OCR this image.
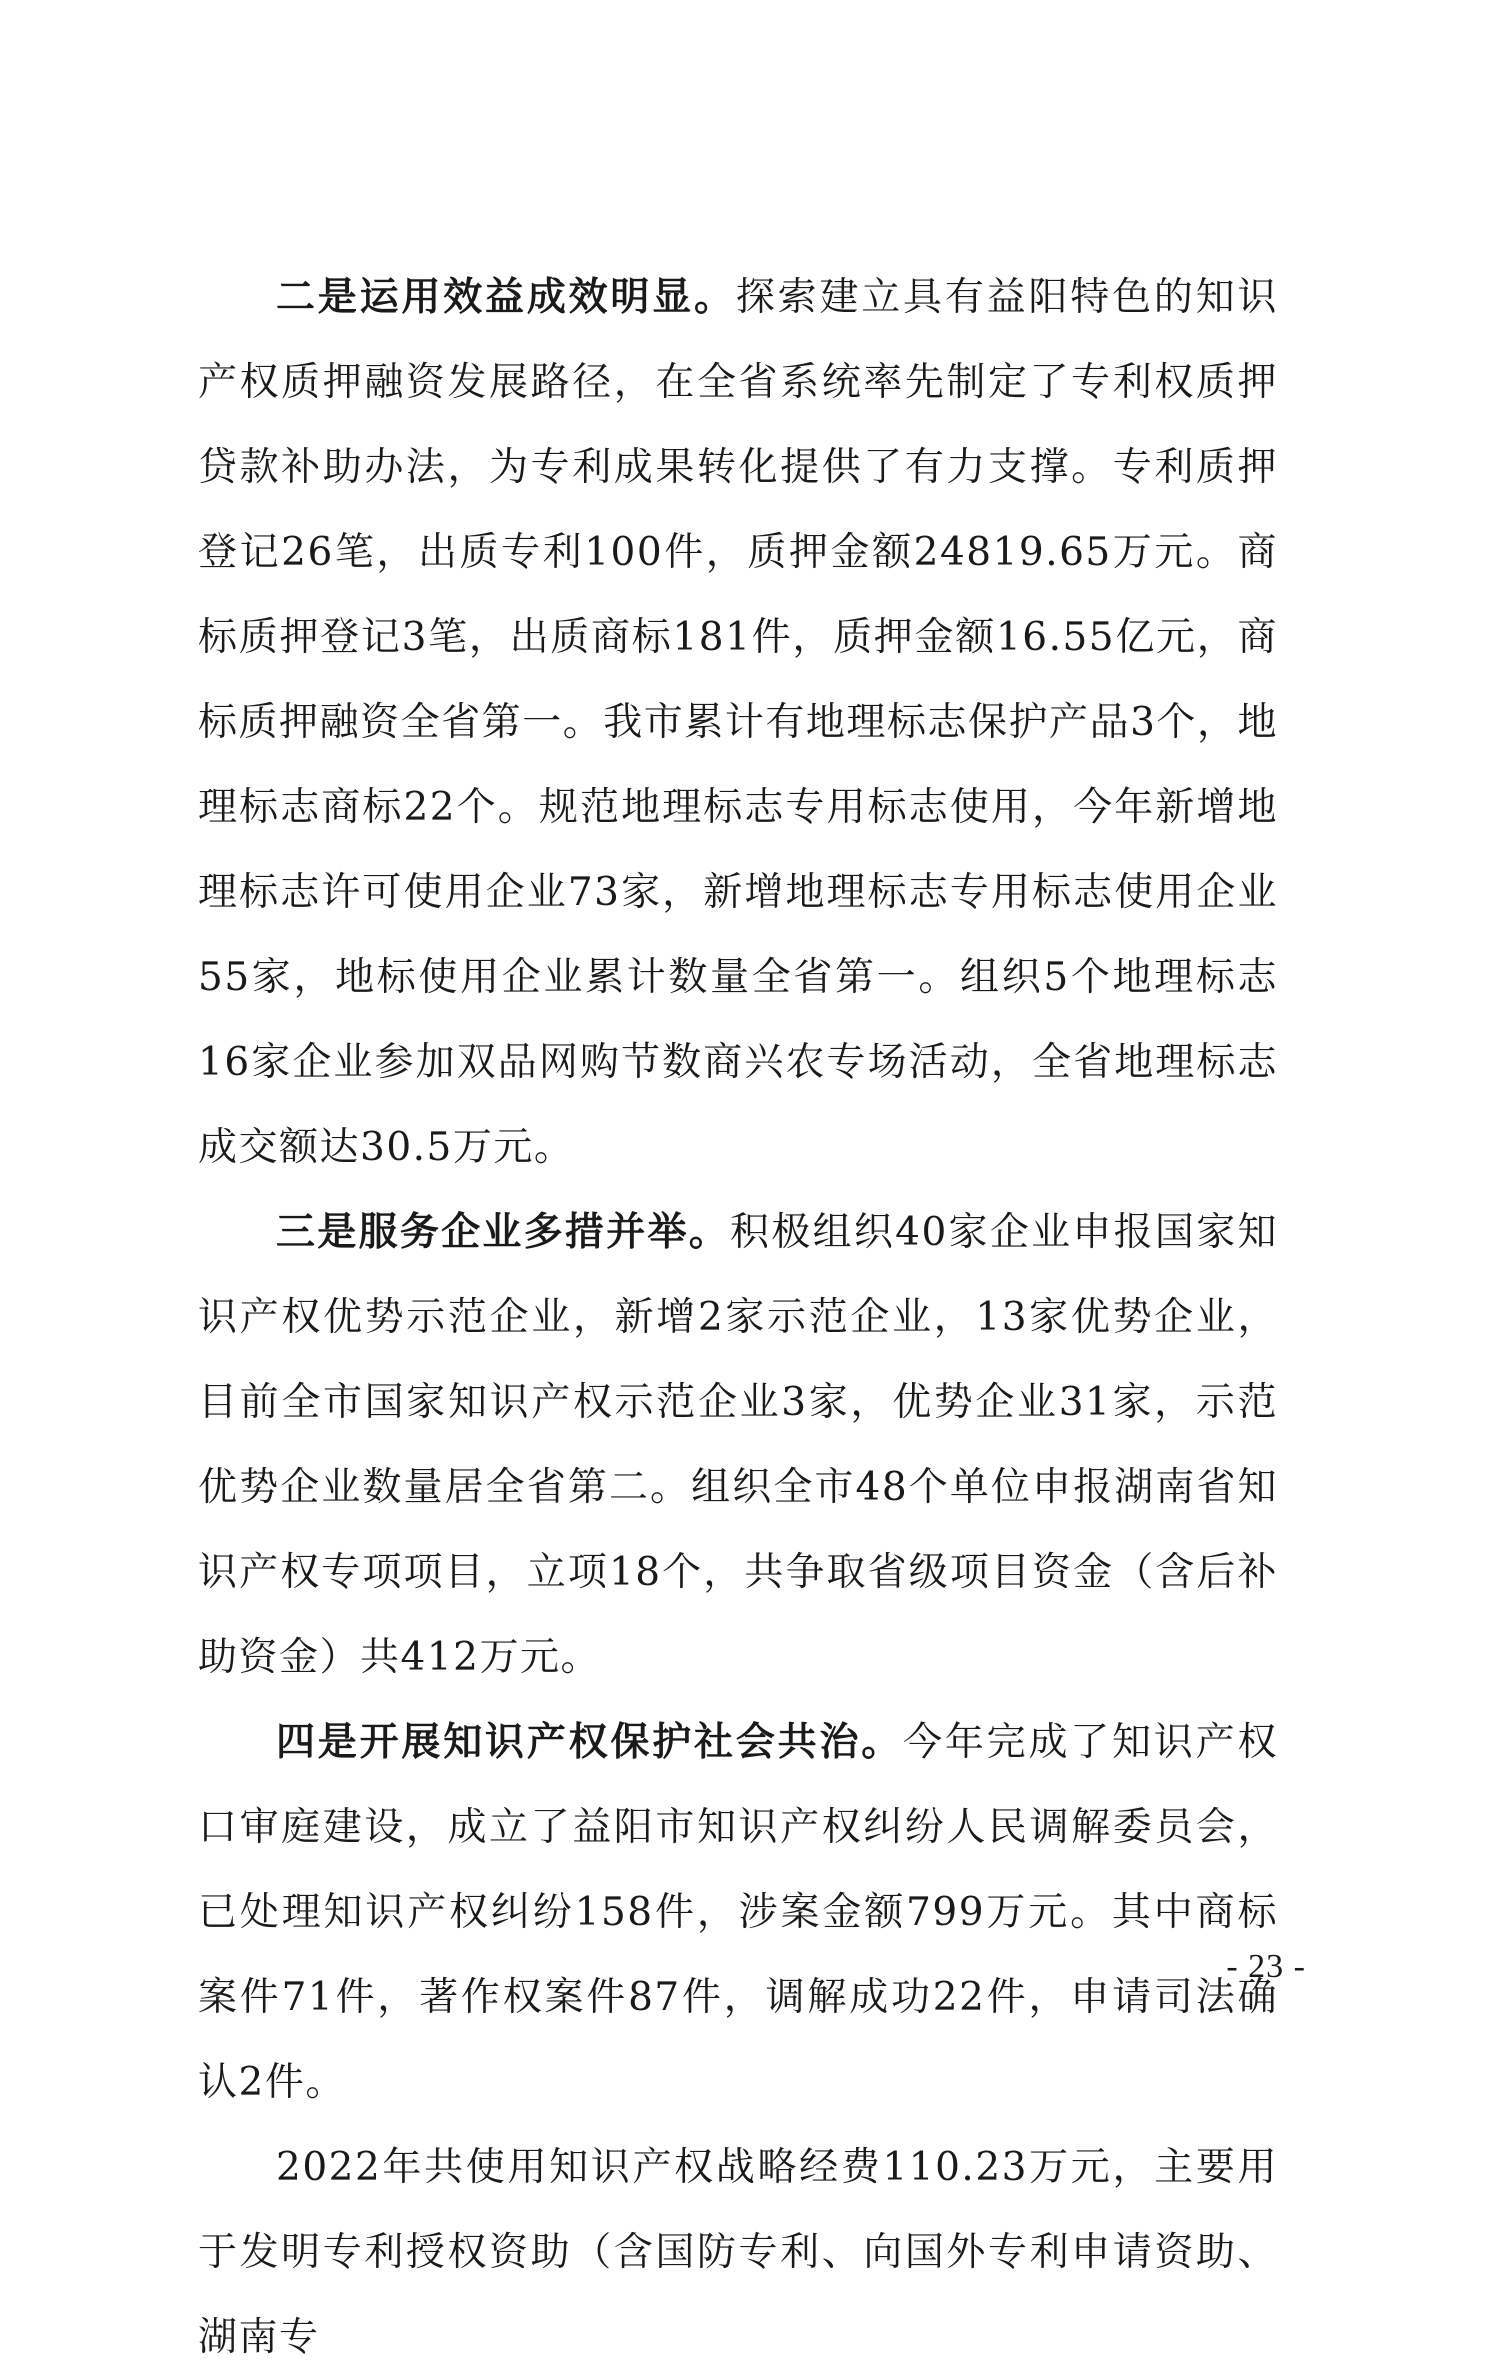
二是运用效益成效明显。探索建立具有益阳特色的知识产权质押融资发展路径，在全省系统率先制定了专利权质押贷款补助办法，为专利成果转化提供了有力支撑。专利质押登记26笔，出质专利100件，质押金额24819.65万元。商标质押登记3笔，出质商标181件，质押金额16.55亿元，商标质押融资全省第一。我市累计有地理标志保护产品3个，地理标志商标22个。规范地理标志专用标志使用，今年新增地理标志许可使用企业73家，新增地理标志专用标志使用企业55家，地标使用企业累计数量全省第一。组织5个地理标志16家企业参加双品网购节数商兴农专场活动，全省地理标志成交额达30.5万元。

三是服务企业多措并举。积极组织40家企业申报国家知识产权优势示范企业，新增2家示范企业，13家优势企业，目前全市国家知识产权示范企业3家，优势企业31家，示范优势企业数量居全省第二。组织全市48个单位申报湖南省知识产权专项项目，立项18个，共争取省级项目资金（含后补助资金）共412万元。

四是开展知识产权保护社会共治。今年完成了知识产权口审庭建设，成立了益阳市知识产权纠纷人民调解委员会，已处理知识产权纠纷158件，涉案金额799万元。其中商标案件71件，著作权案件87件，调解成功22件，申请司法确认2件。

2022年共使用知识产权战略经费110.23万元，主要用于发明专利授权资助（含国防专利、向国外专利申请资助、湖南专

- 23 -
